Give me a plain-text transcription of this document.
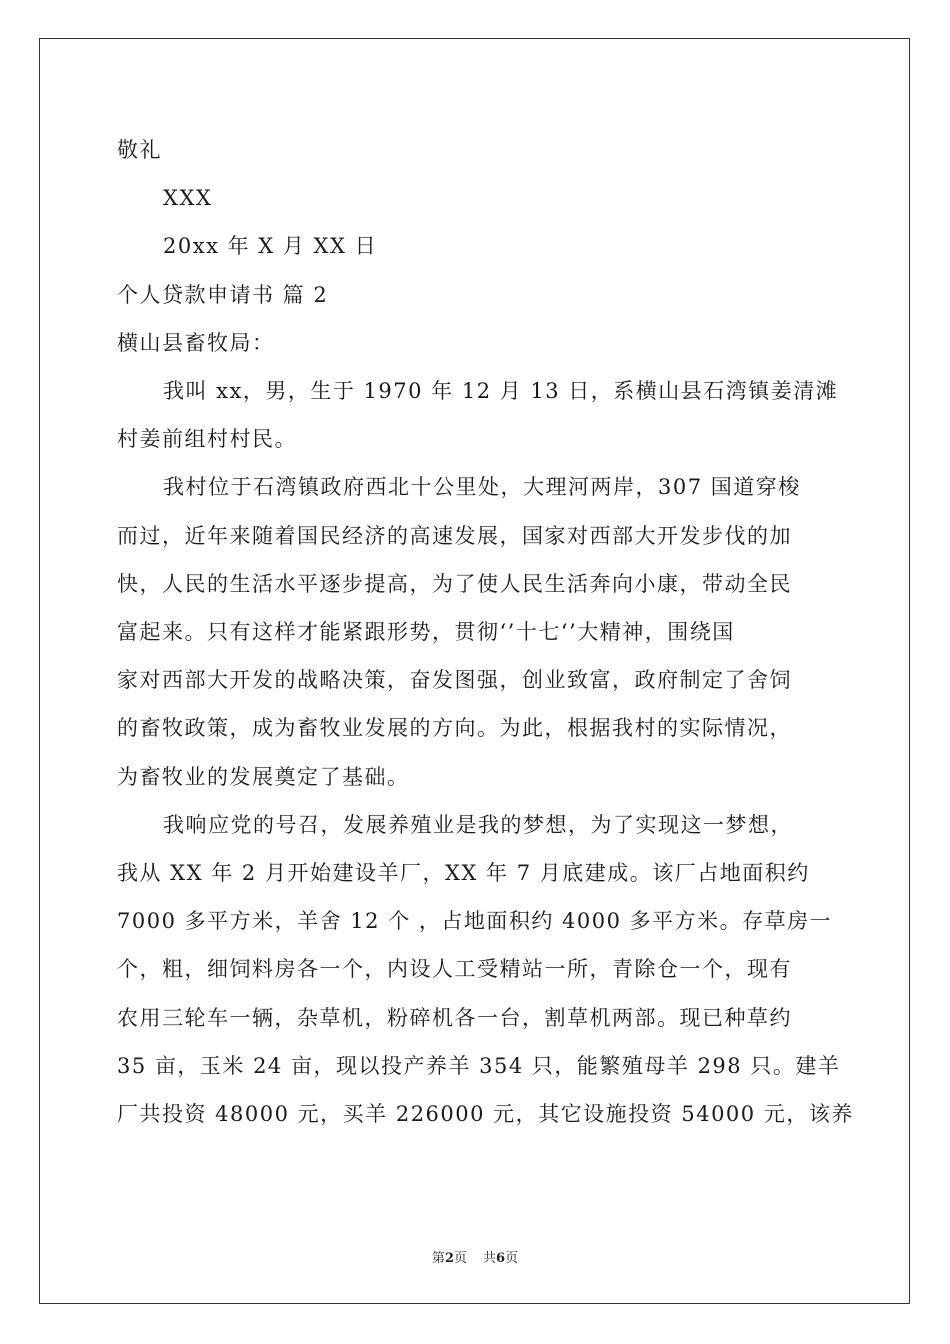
敬礼
XXX
20xx 年 X 月 XX 日
个人贷款申请书 篇 2
横山县畜牧局：
我叫 xx，男，生于 1970 年 12 月 13 日，系横山县石湾镇姜清滩
村姜前组村村民。
我村位于石湾镇政府西北十公里处，大理河两岸，307 国道穿梭
而过，近年来随着国民经济的高速发展，国家对西部大开发步伐的加
快，人民的生活水平逐步提高，为了使人民生活奔向小康，带动全民
富起来。只有这样才能紧跟形势，贯彻‘’十七‘’大精神，围绕国
家对西部大开发的战略决策，奋发图强，创业致富，政府制定了舍饲
的畜牧政策，成为畜牧业发展的方向。为此，根据我村的实际情况，
为畜牧业的发展奠定了基础。
我响应党的号召，发展养殖业是我的梦想，为了实现这一梦想，
我从 XX 年 2 月开始建设羊厂，XX 年 7 月底建成。该厂占地面积约
7000 多平方米，羊舍 12 个 ，占地面积约 4000 多平方米。存草房一
个，粗，细饲料房各一个，内设人工受精站一所，青除仓一个，现有
农用三轮车一辆，杂草机，粉碎机各一台，割草机两部。现已种草约
35 亩，玉米 24 亩，现以投产养羊 354 只，能繁殖母羊 298 只。建羊
厂共投资 48000 元，买羊 226000 元，其它设施投资 54000 元，该养
第2页 共6页
